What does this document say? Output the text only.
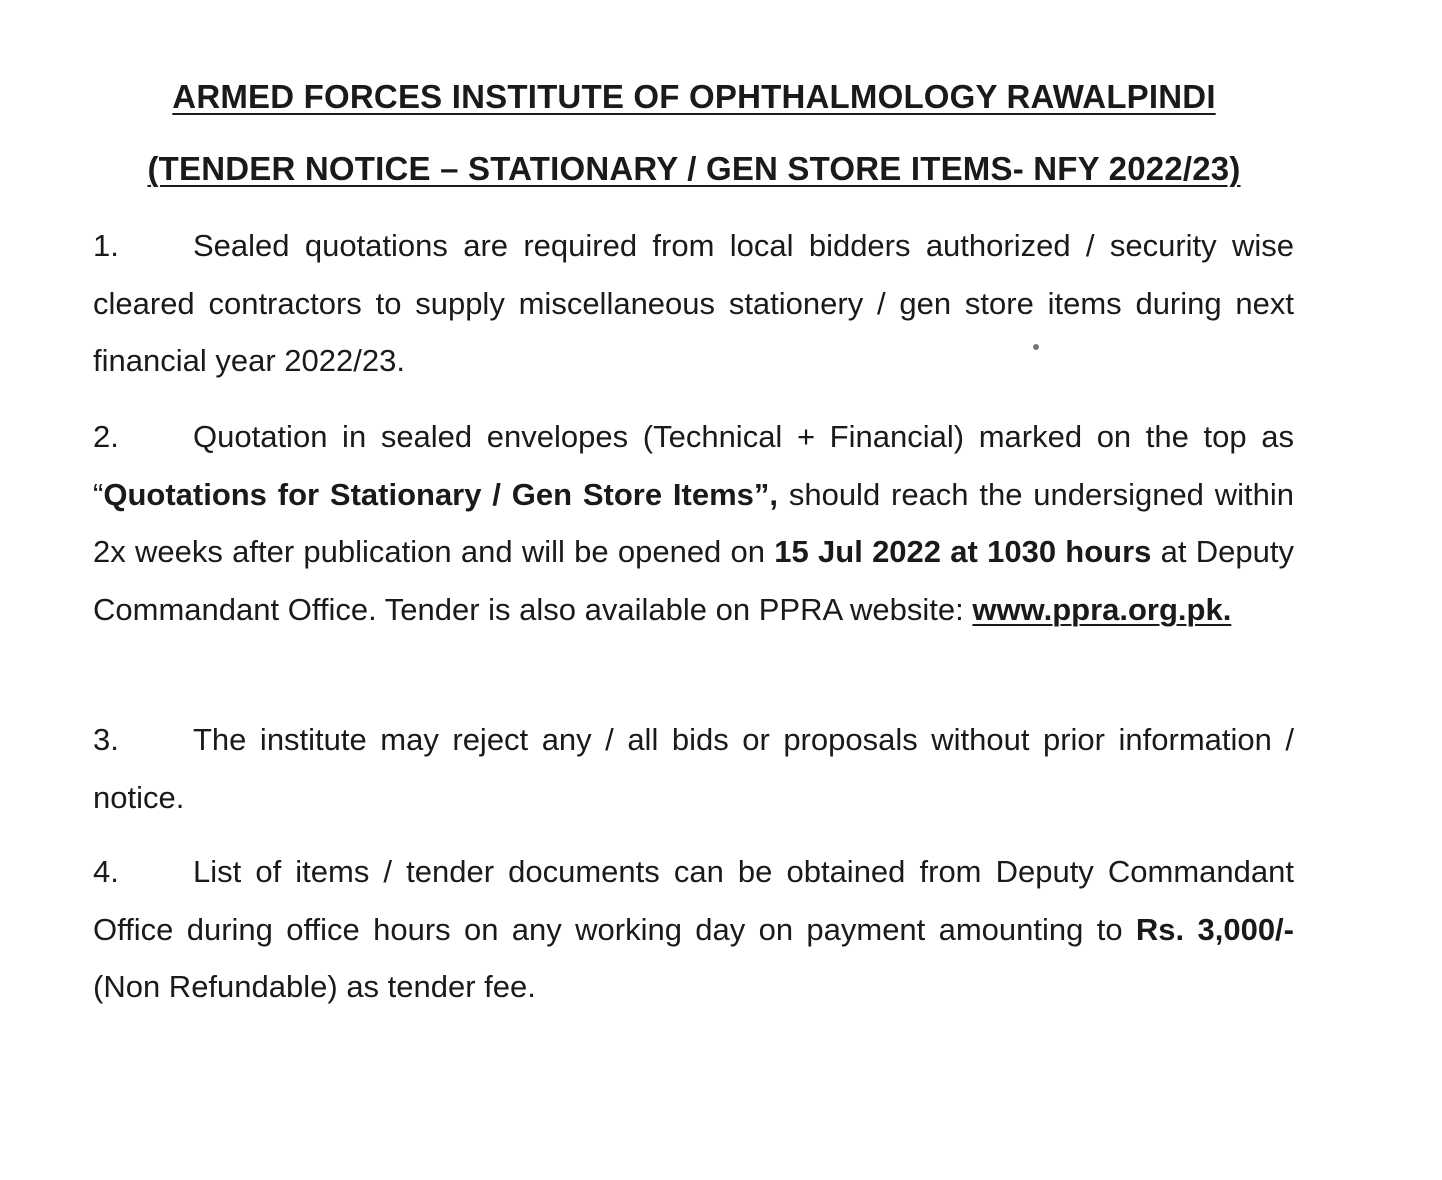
ARMED FORCES INSTITUTE OF OPHTHALMOLOGY RAWALPINDI
(TENDER NOTICE – STATIONARY / GEN STORE ITEMS- NFY 2022/23)

1. Sealed quotations are required from local bidders authorized / security wise cleared contractors to supply miscellaneous stationery / gen store items during next financial year 2022/23.

2. Quotation in sealed envelopes (Technical + Financial) marked on the top as “Quotations for Stationary / Gen Store Items”, should reach the undersigned within 2x weeks after publication and will be opened on 15 Jul 2022 at 1030 hours at Deputy Commandant Office. Tender is also available on PPRA website: www.ppra.org.pk.

3. The institute may reject any / all bids or proposals without prior information / notice.

4. List of items / tender documents can be obtained from Deputy Commandant Office during office hours on any working day on payment amounting to Rs. 3,000/- (Non Refundable) as tender fee.
